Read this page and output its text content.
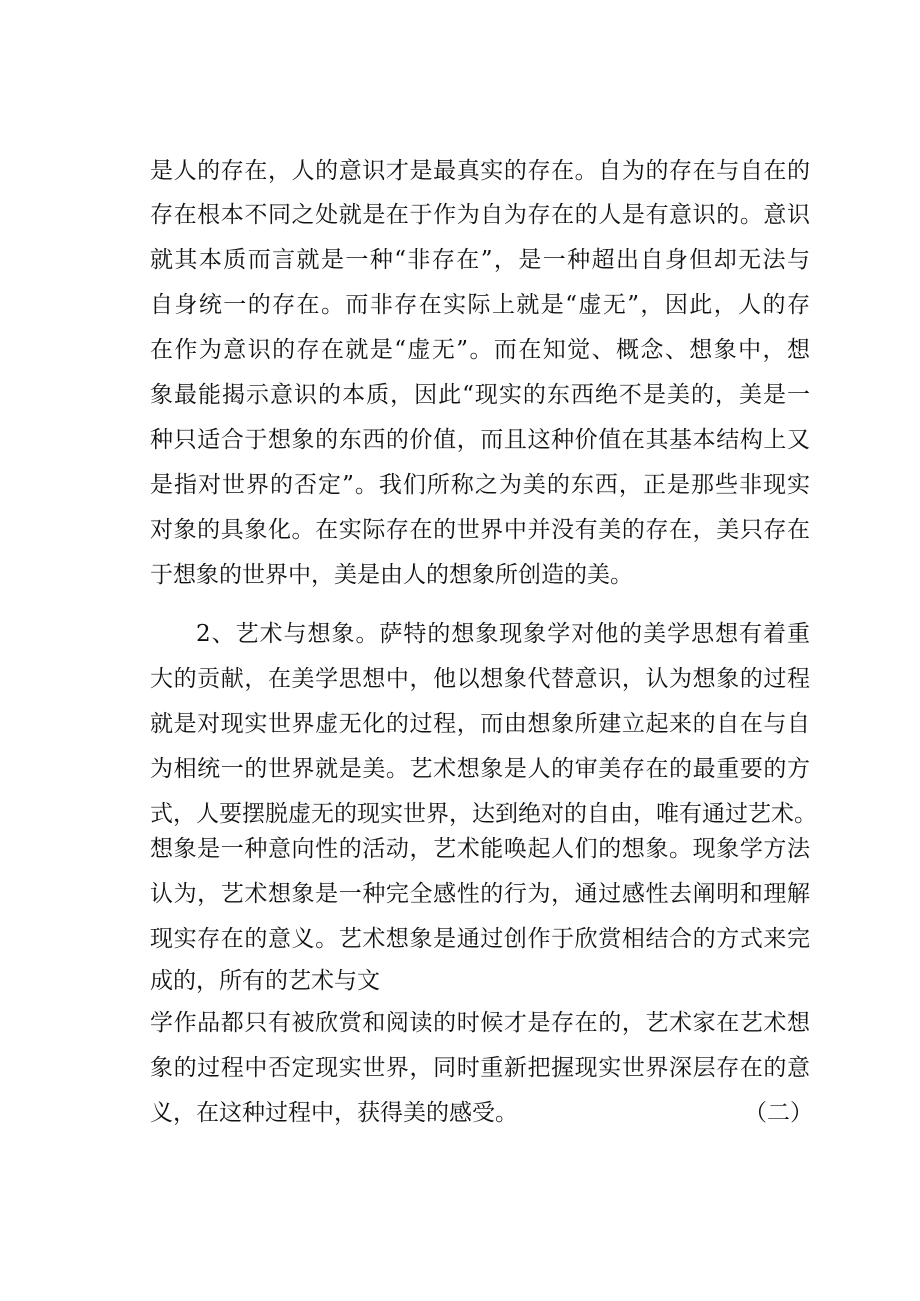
是人的存在，人的意识才是最真实的存在。自为的存在与自在的
存在根本不同之处就是在于作为自为存在的人是有意识的。意识
就其本质而言就是一种“非存在”，是一种超出自身但却无法与
自身统一的存在。而非存在实际上就是“虚无”，因此，人的存
在作为意识的存在就是“虚无”。而在知觉、概念、想象中，想
象最能揭示意识的本质，因此“现实的东西绝不是美的，美是一
种只适合于想象的东西的价值，而且这种价值在其基本结构上又
是指对世界的否定”。我们所称之为美的东西，正是那些非现实
对象的具象化。在实际存在的世界中并没有美的存在，美只存在
于想象的世界中，美是由人的想象所创造的美。
2、艺术与想象。萨特的想象现象学对他的美学思想有着重
大的贡献，在美学思想中，他以想象代替意识，认为想象的过程
就是对现实世界虚无化的过程，而由想象所建立起来的自在与自
为相统一的世界就是美。艺术想象是人的审美存在的最重要的方
式，人要摆脱虚无的现实世界，达到绝对的自由，唯有通过艺术。
想象是一种意向性的活动，艺术能唤起人们的想象。现象学方法
认为，艺术想象是一种完全感性的行为，通过感性去阐明和理解
现实存在的意义。艺术想象是通过创作于欣赏相结合的方式来完
成的，所有的艺术与文
学作品都只有被欣赏和阅读的时候才是存在的，艺术家在艺术想
象的过程中否定现实世界，同时重新把握现实世界深层存在的意
义，在这种过程中，获得美的感受。	（二）
